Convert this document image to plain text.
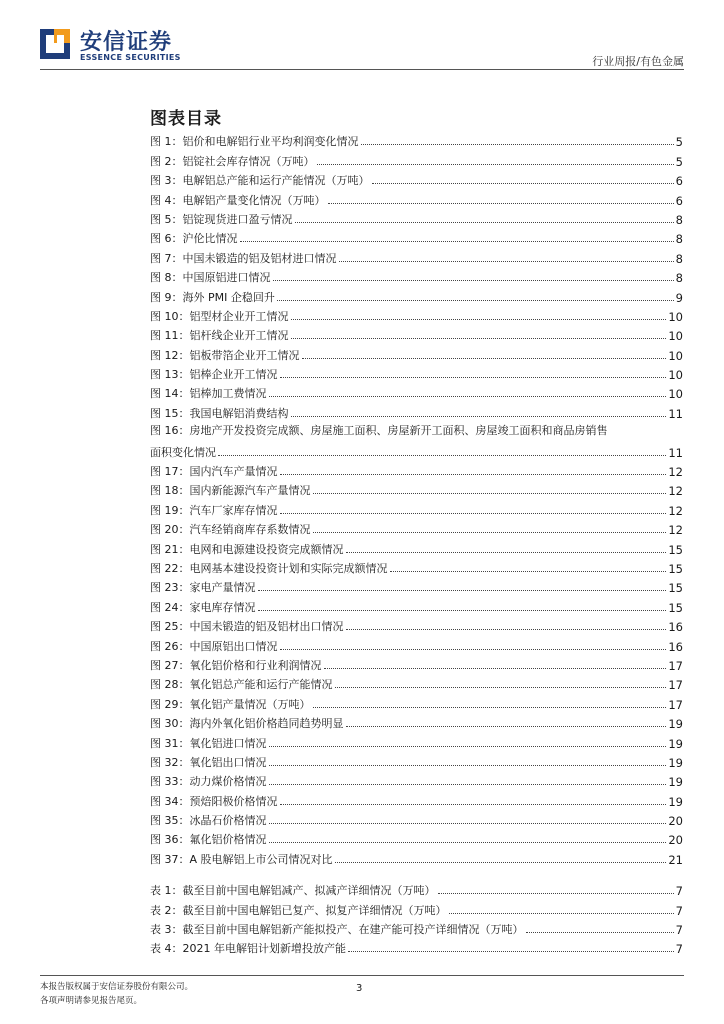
安信证券
ESSENCE SECURITIES	行业周报/有色金属
图表目录
图 1：铝价和电解铝行业平均利润变化情况	5
图 2：铝锭社会库存情况（万吨）	5
图 3：电解铝总产能和运行产能情况（万吨）	6
图 4：电解铝产量变化情况（万吨）	6
图 5：铝锭现货进口盈亏情况	8
图 6：沪伦比情况	8
图 7：中国未锻造的铝及铝材进口情况	8
图 8：中国原铝进口情况	8
图 9：海外 PMI 企稳回升	9
图 10：铝型材企业开工情况	10
图 11：铝杆线企业开工情况	10
图 12：铝板带箔企业开工情况	10
图 13：铝棒企业开工情况	10
图 14：铝棒加工费情况	10
图 15：我国电解铝消费结构	11
图 16：房地产开发投资完成额、房屋施工面积、房屋新开工面积、房屋竣工面积和商品房销售
面积变化情况	11
图 17：国内汽车产量情况	12
图 18：国内新能源汽车产量情况	12
图 19：汽车厂家库存情况	12
图 20：汽车经销商库存系数情况	12
图 21：电网和电源建设投资完成额情况	15
图 22：电网基本建设投资计划和实际完成额情况	15
图 23：家电产量情况	15
图 24：家电库存情况	15
图 25：中国未锻造的铝及铝材出口情况	16
图 26：中国原铝出口情况	16
图 27：氧化铝价格和行业利润情况	17
图 28：氧化铝总产能和运行产能情况	17
图 29：氧化铝产量情况（万吨）	17
图 30：海内外氧化铝价格趋同趋势明显	19
图 31：氧化铝进口情况	19
图 32：氧化铝出口情况	19
图 33：动力煤价格情况	19
图 34：预焙阳极价格情况	19
图 35：冰晶石价格情况	20
图 36：氟化铝价格情况	20
图 37：A 股电解铝上市公司情况对比	21
表 1：截至目前中国电解铝减产、拟减产详细情况（万吨）	7
表 2：截至目前中国电解铝已复产、拟复产详细情况（万吨）	7
表 3：截至目前中国电解铝新产能拟投产、在建产能可投产详细情况（万吨）	7
表 4：2021 年电解铝计划新增投放产能	7
本报告版权属于安信证券股份有限公司。
各项声明请参见报告尾页。
3
